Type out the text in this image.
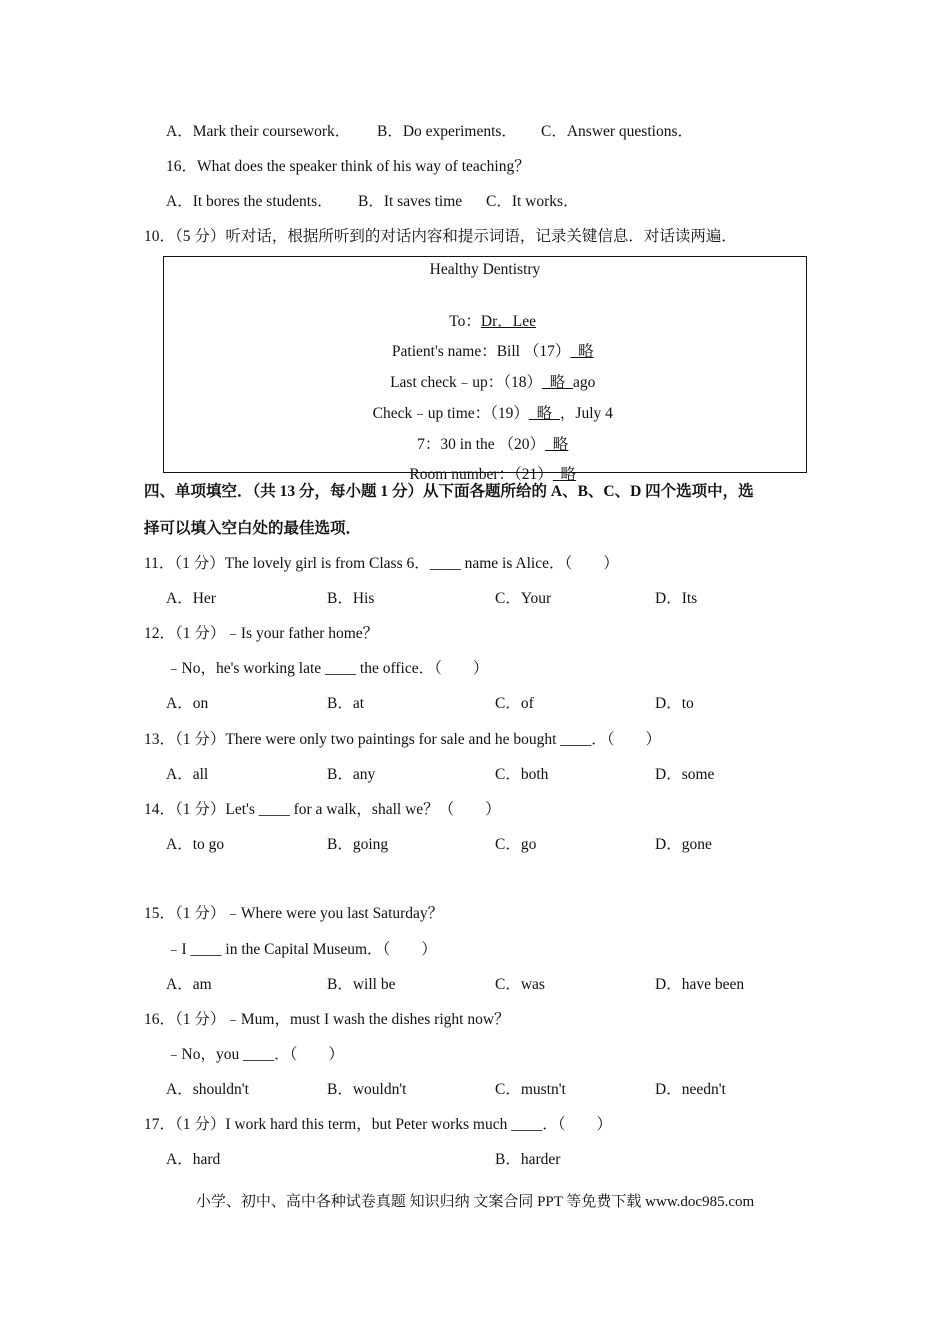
A．Mark their coursework． B．Do experiments． C．Answer questions．
16．What does the speaker think of his way of teaching？
A．It bores the students． B．It saves time C．It works．
10．（5 分）听对话，根据所听到的对话内容和提示词语，记录关键信息．对话读两遍．
Healthy Dentistry

To：Dr．Lee

Patient's name：Bill （17）  略

Last check﹣up：（18）  略  ago

Check﹣up time：（19）  略  ，July 4

7：30 in the （20）  略

Room number：（21）  略

四、单项填空．（共 13 分，每小题 1 分）从下面各题所给的 A、B、C、D 四个选项中，选
择可以填入空白处的最佳选项．
11．（1 分）The lovely girl is from Class 6．____ name is Alice．（　　）
A．Her	B．His	C．Your	D．Its
12．（1 分）﹣Is your father home？
﹣No，he's working late ____ the office．（　　）
A．on	B．at	C．of	D．to
13．（1 分）There were only two paintings for sale and he bought ____．（　　）
A．all	B．any	C．both	D．some
14．（1 分）Let's ____ for a walk，shall we？（　　）
A．to go	B．going	C．go	D．gone
15．（1 分）﹣Where were you last Saturday？
﹣I ____ in the Capital Museum．（　　）
A．am	B．will be	C．was	D．have been
16．（1 分）﹣Mum，must I wash the dishes right now？
﹣No，you ____．（　　）
A．shouldn't	B．wouldn't	C．mustn't	D．needn't
17．（1 分）I work hard this term，but Peter works much ____．（　　）
A．hard	B．harder
小学、初中、高中各种试卷真题 知识归纳 文案合同 PPT 等免费下载 www.doc985.com
